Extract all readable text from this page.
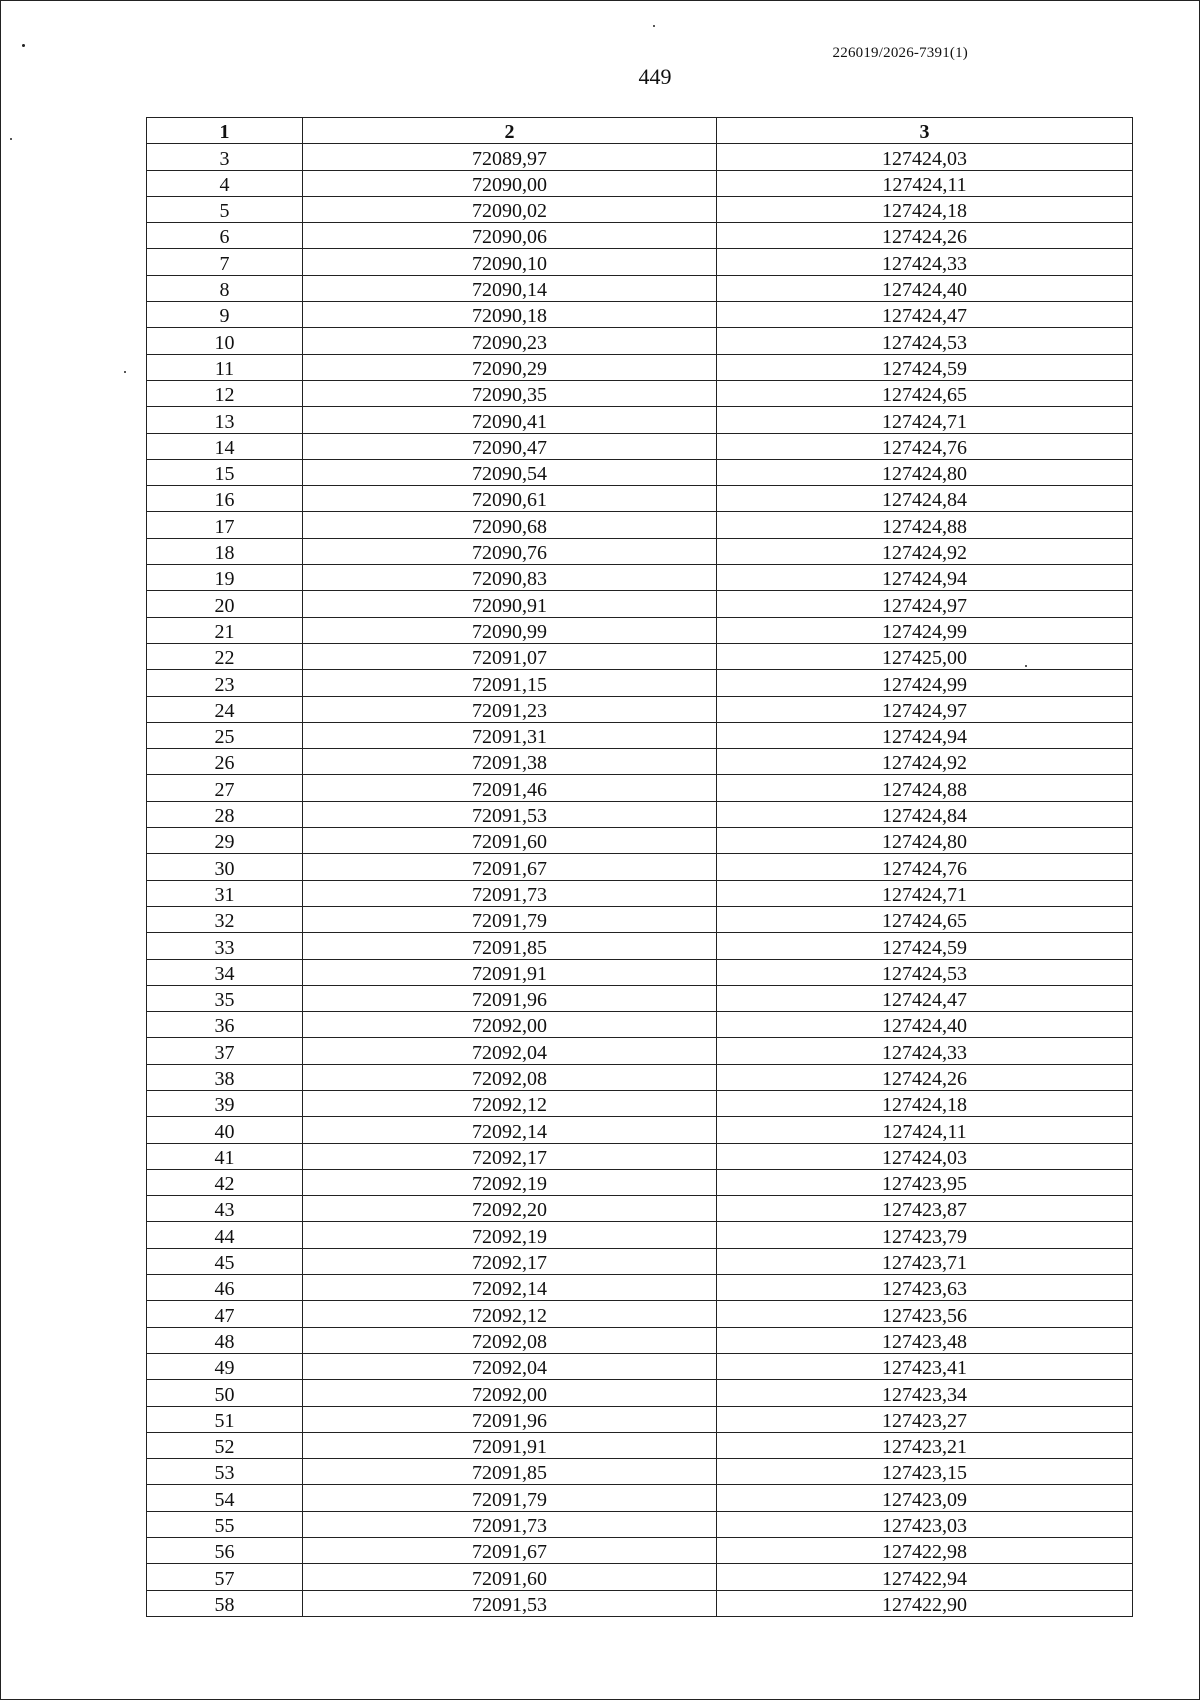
226019/2026-7391(1)
449
1	2	3
3	72089,97	127424,03
4	72090,00	127424,11
5	72090,02	127424,18
6	72090,06	127424,26
7	72090,10	127424,33
8	72090,14	127424,40
9	72090,18	127424,47
10	72090,23	127424,53
11	72090,29	127424,59
12	72090,35	127424,65
13	72090,41	127424,71
14	72090,47	127424,76
15	72090,54	127424,80
16	72090,61	127424,84
17	72090,68	127424,88
18	72090,76	127424,92
19	72090,83	127424,94
20	72090,91	127424,97
21	72090,99	127424,99
22	72091,07	127425,00
23	72091,15	127424,99
24	72091,23	127424,97
25	72091,31	127424,94
26	72091,38	127424,92
27	72091,46	127424,88
28	72091,53	127424,84
29	72091,60	127424,80
30	72091,67	127424,76
31	72091,73	127424,71
32	72091,79	127424,65
33	72091,85	127424,59
34	72091,91	127424,53
35	72091,96	127424,47
36	72092,00	127424,40
37	72092,04	127424,33
38	72092,08	127424,26
39	72092,12	127424,18
40	72092,14	127424,11
41	72092,17	127424,03
42	72092,19	127423,95
43	72092,20	127423,87
44	72092,19	127423,79
45	72092,17	127423,71
46	72092,14	127423,63
47	72092,12	127423,56
48	72092,08	127423,48
49	72092,04	127423,41
50	72092,00	127423,34
51	72091,96	127423,27
52	72091,91	127423,21
53	72091,85	127423,15
54	72091,79	127423,09
55	72091,73	127423,03
56	72091,67	127422,98
57	72091,60	127422,94
58	72091,53	127422,90
